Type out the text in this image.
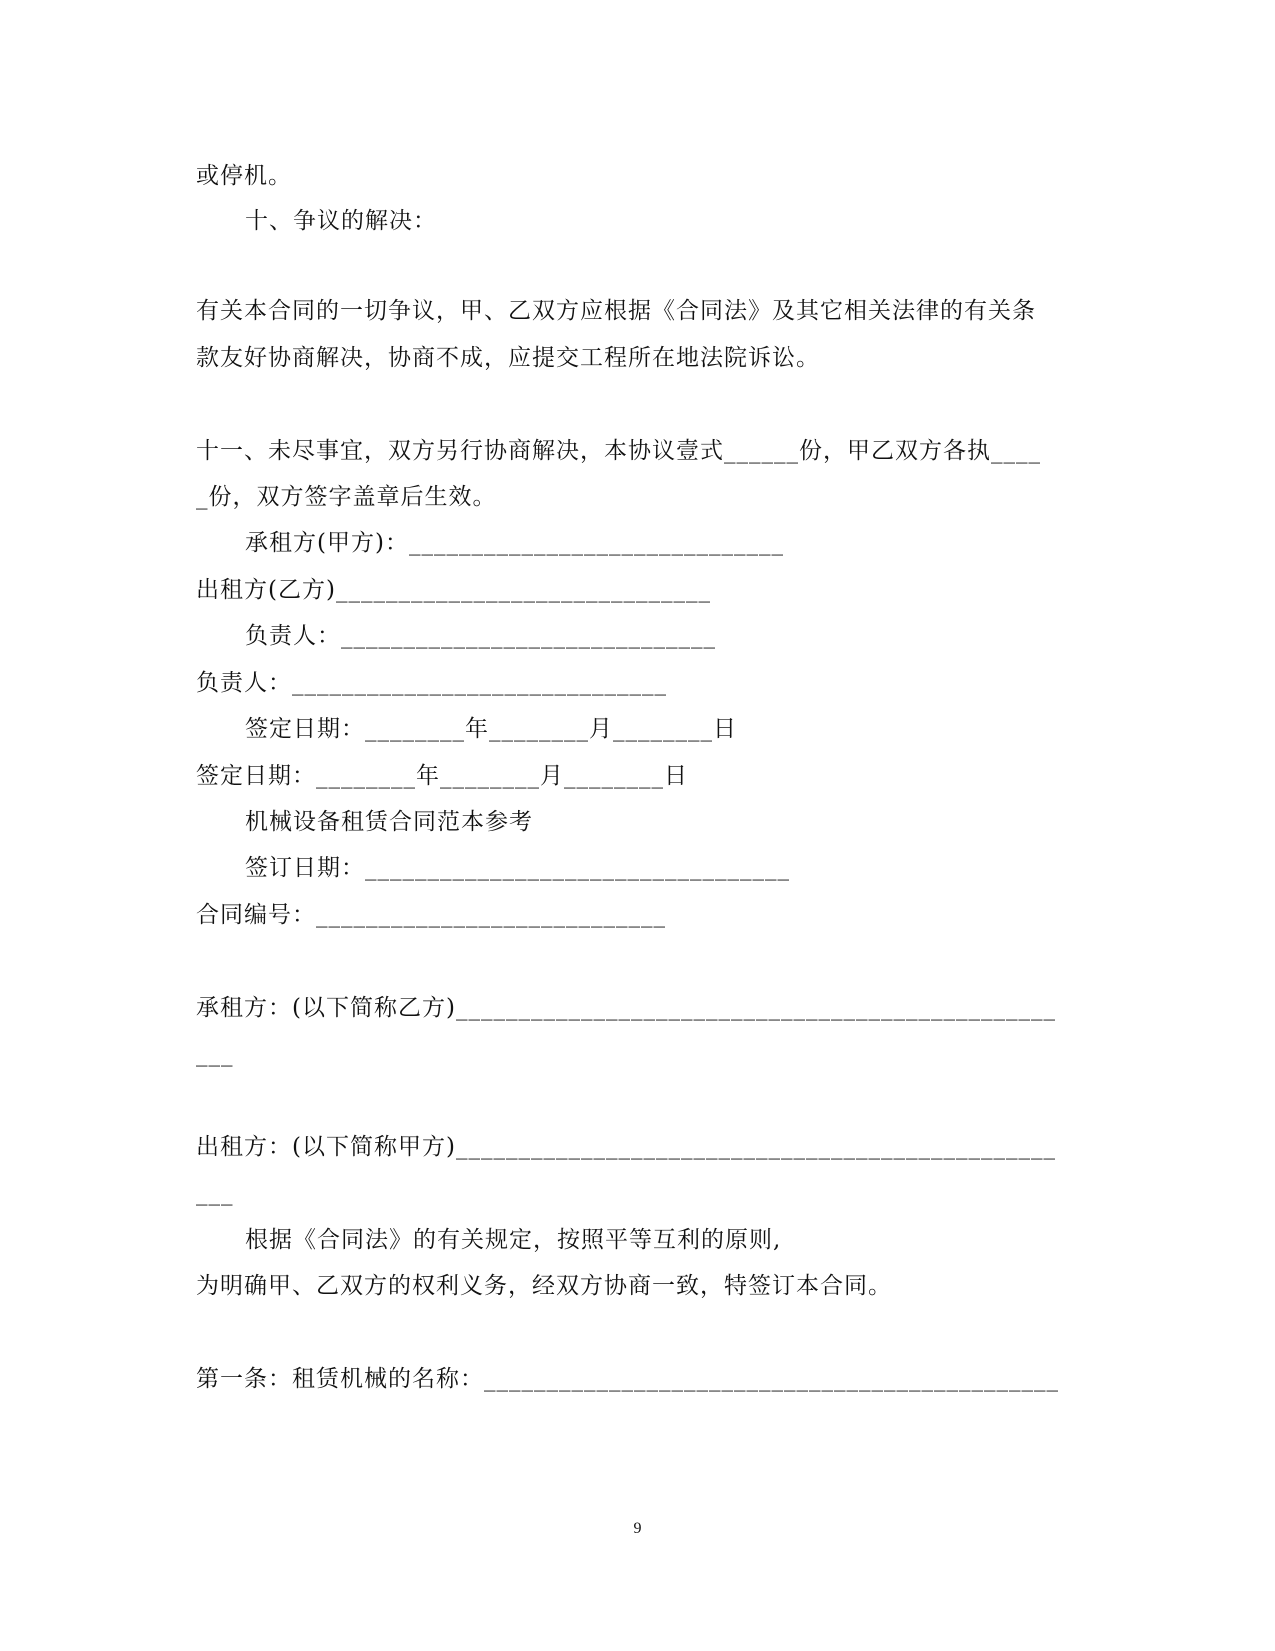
或停机。
十、争议的解决：
有关本合同的一切争议，甲、乙双方应根据《合同法》及其它相关法律的有关条
款友好协商解决，协商不成，应提交工程所在地法院诉讼。
十一、未尽事宜，双方另行协商解决，本协议壹式______份，甲乙双方各执____
_份，双方签字盖章后生效。
承租方(甲方)：______________________________
出租方(乙方)______________________________
负责人：______________________________
负责人：______________________________
签定日期：________年________月________日
签定日期：________年________月________日
机械设备租赁合同范本参考
签订日期：__________________________________
合同编号：____________________________
承租方：(以下简称乙方)________________________________________________
___
出租方：(以下简称甲方)________________________________________________
___
根据《合同法》的有关规定，按照平等互利的原则,
为明确甲、乙双方的权利义务，经双方协商一致，特签订本合同。
第一条：租赁机械的名称：______________________________________________
9
